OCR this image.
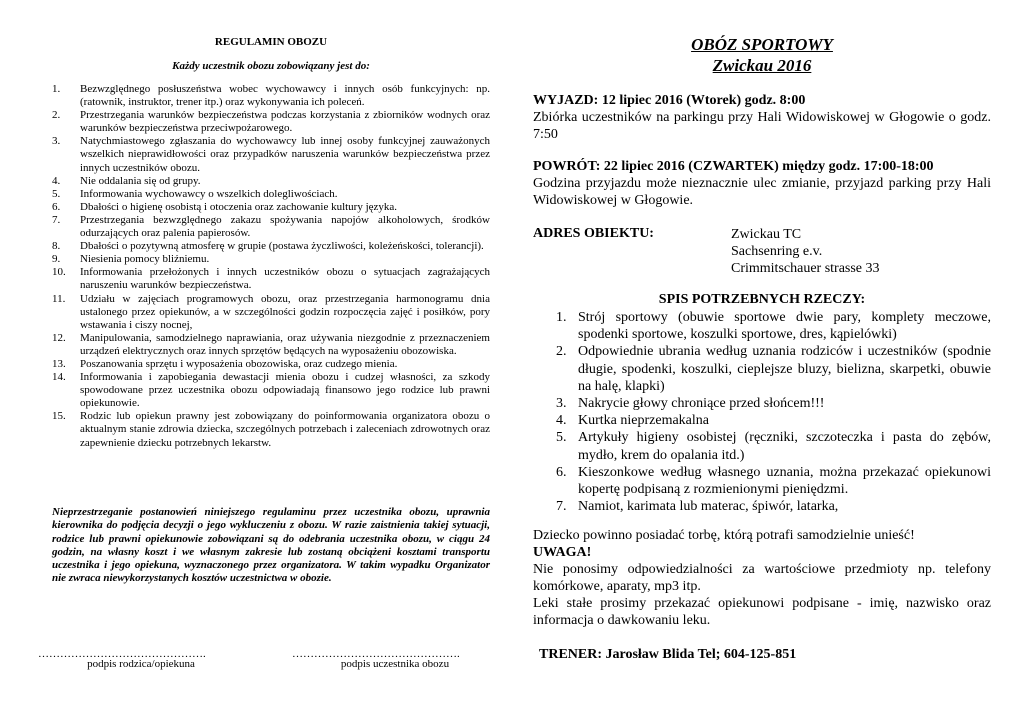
REGULAMIN OBOZU
Każdy uczestnik obozu zobowiązany jest do:
1. Bezwzględnego posłuszeństwa wobec wychowawcy i innych osób funkcyjnych: np. (ratownik, instruktor, trener itp.) oraz wykonywania ich poleceń.
2. Przestrzegania warunków bezpieczeństwa podczas korzystania z zbiorników wodnych oraz warunków bezpieczeństwa przeciwpożarowego.
3. Natychmiastowego zgłaszania do wychowawcy lub innej osoby funkcyjnej zauważonych wszelkich nieprawidłowości oraz przypadków naruszenia warunków bezpieczeństwa przez innych uczestników obozu.
4. Nie oddalania się od grupy.
5. Informowania wychowawcy o wszelkich dolegliwościach.
6. Dbałości o higienę osobistą i otoczenia oraz zachowanie kultury języka.
7. Przestrzegania bezwzględnego zakazu spożywania napojów alkoholowych, środków odurzających oraz palenia papierosów.
8. Dbałości o pozytywną atmosferę w grupie (postawa życzliwości, koleżeńskości, tolerancji).
9. Niesienia pomocy bliźniemu.
10. Informowania przełożonych i innych uczestników obozu o sytuacjach zagrażających naruszeniu warunków bezpieczeństwa.
11. Udziału w zajęciach programowych obozu, oraz przestrzegania harmonogramu dnia ustalonego przez opiekunów, a w szczególności godzin rozpoczęcia zajęć i posiłków, pory wstawania i ciszy nocnej,
12. Manipulowania, samodzielnego naprawiania, oraz używania niezgodnie z przeznaczeniem urządzeń elektrycznych oraz innych sprzętów będących na wyposażeniu obozowiska.
13. Poszanowania sprzętu i wyposażenia obozowiska, oraz cudzego mienia.
14. Informowania i zapobiegania dewastacji mienia obozu i cudzej własności, za szkody spowodowane przez uczestnika obozu odpowiadają finansowo jego rodzice lub prawni opiekunowie.
15. Rodzic lub opiekun prawny jest zobowiązany do poinformowania organizatora obozu o aktualnym stanie zdrowia dziecka, szczególnych potrzebach i zaleceniach zdrowotnych oraz zapewnienie dziecku potrzebnych lekarstw.
Nieprzestrzeganie postanowień niniejszego regulaminu przez uczestnika obozu, uprawnia kierownika do podjęcia decyzji o jego wykluczeniu z obozu. W razie zaistnienia takiej sytuacji, rodzice lub prawni opiekunowie zobowiązani są do odebrania uczestnika obozu, w ciągu 24 godzin, na własny koszt i we własnym zakresie lub zostaną obciążeni kosztami transportu uczestnika i jego opiekuna, wyznaczonego przez organizatora. W takim wypadku Organizator nie zwraca niewykorzystanych kosztów uczestnictwa w obozie.
……………………………………….
podpis rodzica/opiekuna
……………………………………….
podpis uczestnika obozu
OBÓZ SPORTOWY
Zwickau 2016
WYJAZD: 12 lipiec 2016 (Wtorek) godz. 8:00
Zbiórka uczestników na parkingu przy Hali Widowiskowej w Głogowie o godz. 7:50
POWRÓT: 22 lipiec 2016 (CZWARTEK) między godz. 17:00-18:00
Godzina przyjazdu może nieznacznie ulec zmianie, przyjazd parking przy Hali Widowiskowej w Głogowie.
ADRES OBIEKTU:	Zwickau TC
Sachsenring e.v.
Crimmitschauer strasse 33
SPIS POTRZEBNYCH RZECZY:
1. Strój sportowy (obuwie sportowe dwie pary, komplety meczowe, spodenki sportowe, koszulki sportowe, dres, kąpielówki)
2. Odpowiednie ubrania według uznania rodziców i uczestników (spodnie długie, spodenki, koszulki, cieplejsze bluzy, bielizna, skarpetki, obuwie na halę, klapki)
3. Nakrycie głowy chroniące przed słońcem!!!
4. Kurtka nieprzemakalna
5. Artykuły higieny osobistej (ręczniki, szczoteczka i pasta do zębów, mydło, krem do opalania itd.)
6. Kieszonkowe według własnego uznania, można przekazać opiekunowi kopertę podpisaną z rozmienionymi pieniędzmi.
7. Namiot, karimata lub materac, śpiwór, latarka,
Dziecko powinno posiadać torbę, którą potrafi samodzielnie unieść!
UWAGA!
Nie ponosimy odpowiedzialności za wartościowe przedmioty np. telefony komórkowe, aparaty, mp3 itp.
Leki stałe prosimy przekazać opiekunowi podpisane - imię, nazwisko oraz informacja o dawkowaniu leku.
TRENER: Jarosław Blida Tel; 604-125-851
